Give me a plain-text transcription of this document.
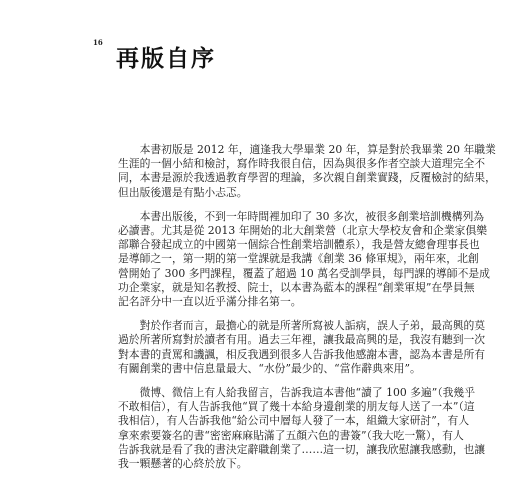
16
再版自序

　　本書初版是 2012 年，適逢我大學畢業 20 年，算是對於我畢業 20 年職業
生涯的一個小結和檢討，寫作時我很自信，因為與很多作者空談大道理完全不
同，本書是源於我透過教育學習的理論，多次親自創業實踐，反覆檢討的結果，
但出版後還是有點小忐忑。

　　本書出版後，不到一年時間裡加印了 30 多次，被很多創業培訓機構列為
必讀書。尤其是從 2013 年開始的北大創業營（北京大學校友會和企業家俱樂
部聯合發起成立的中國第一個綜合性創業培訓體系），我是營友總會理事長也
是導師之一，第一期的第一堂課就是我講《創業 36 條軍規》，兩年來，北創
營開始了 300 多門課程，覆蓋了超過 10 萬名受訓學員，每門課的導師不是成
功企業家，就是知名教授、院士，以本書為藍本的課程“創業軍規”在學員無
記名評分中一直以近乎滿分排名第一。

　　對於作者而言，最擔心的就是所著所寫被人詬病，誤人子弟，最高興的莫
過於所著所寫對於讀者有用。過去三年裡，讓我最高興的是，我沒有聽到一次
對本書的責罵和譏諷，相反我遇到很多人告訴我他感謝本書，認為本書是所有
有關創業的書中信息量最大、“水份”最少的、“當作辭典來用”。

　　微博、微信上有人給我留言，告訴我這本書他“讀了 100 多遍”（我幾乎
不敢相信），有人告訴我他“買了幾十本給身邊創業的朋友每人送了一本”（這
我相信），有人告訴我他“給公司中層每人發了一本，組織大家研討”，有人
拿來索要簽名的書“密密麻麻貼滿了五顏六色的書簽”（我大吃一驚），有人
告訴我就是看了我的書決定辭職創業了……這一切，讓我欣慰讓我感動，也讓
我一顆懸著的心終於放下。
